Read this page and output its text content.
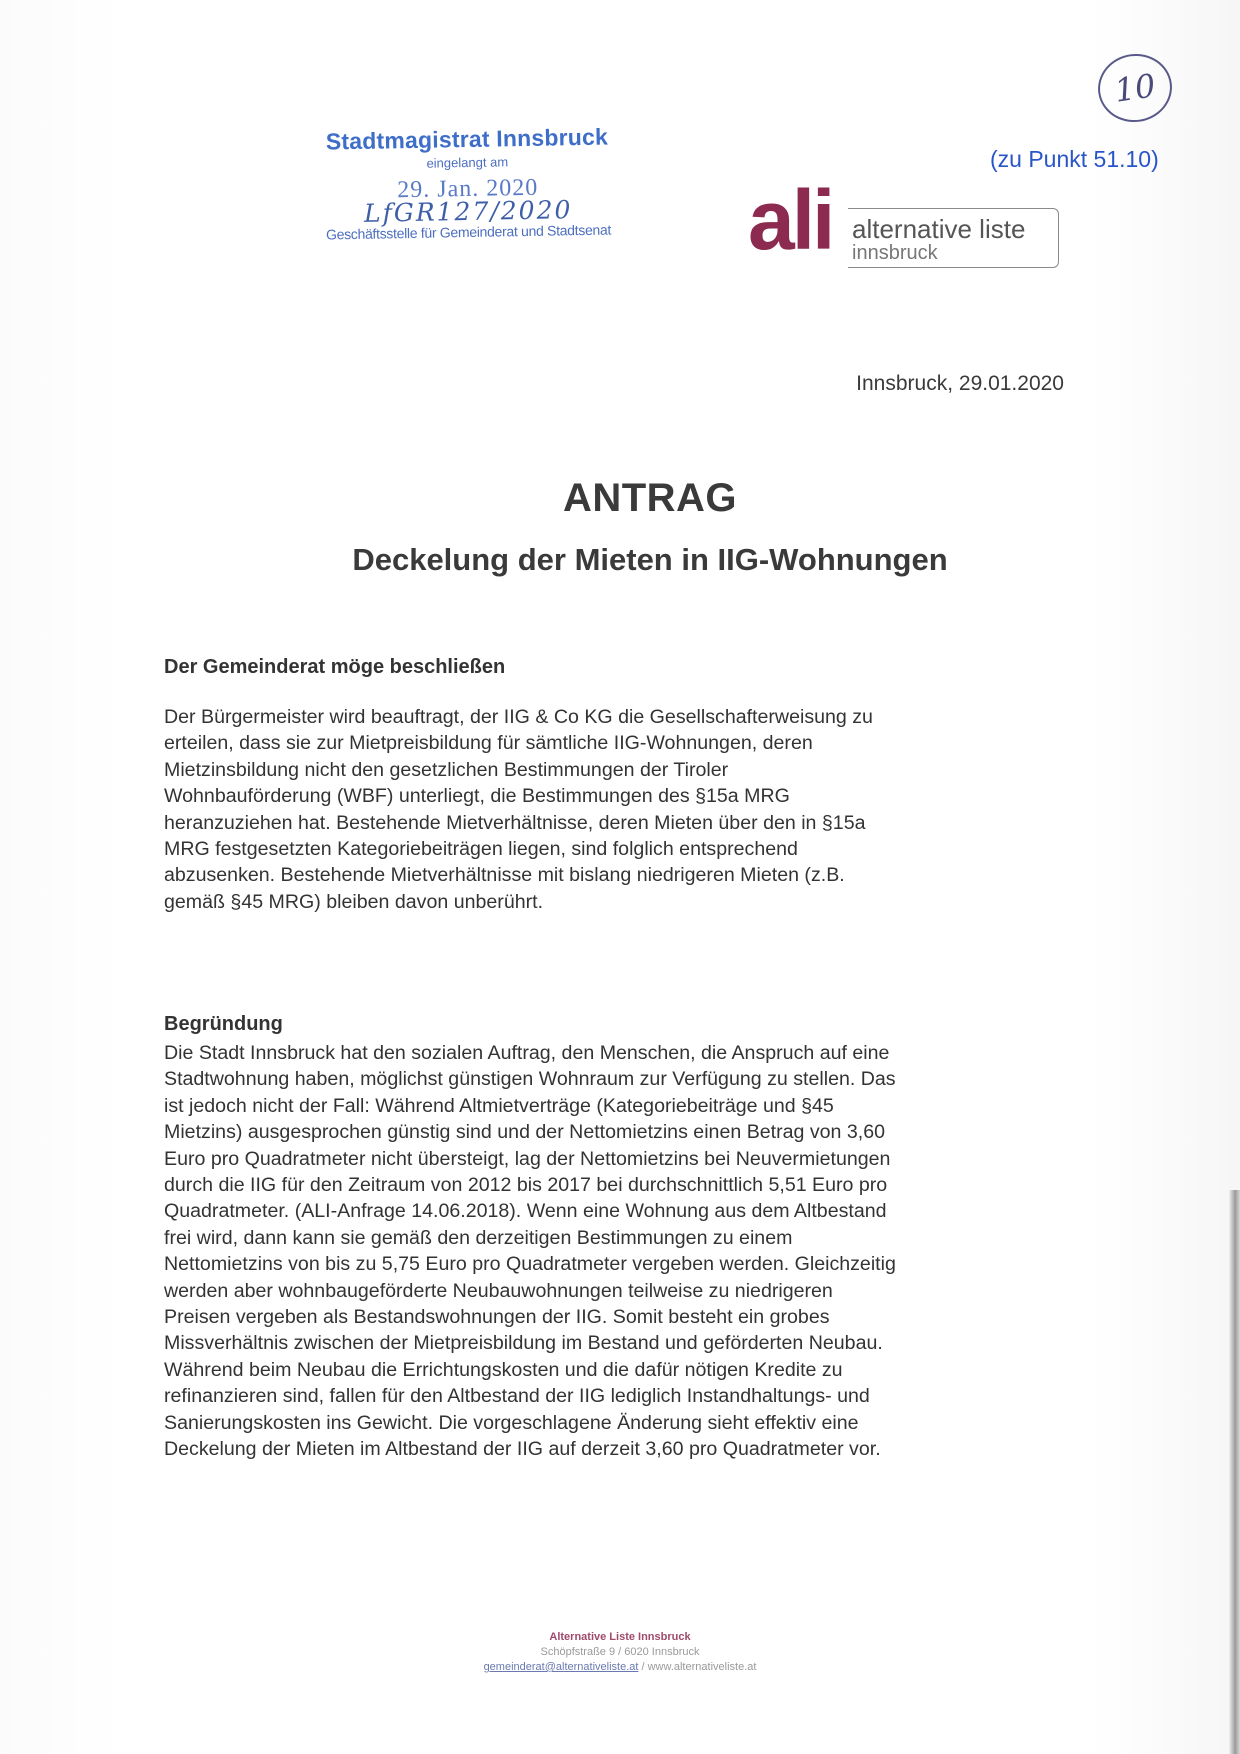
10
(zu Punkt 51.10)
Stadtmagistrat Innsbruck
eingelangt am
29. Jan. 2020
LfGR127/2020
Geschäftsstelle für Gemeinderat und Stadtsenat ali alternative liste
innsbruck
Innsbruck, 29.01.2020
ANTRAG
Deckelung der Mieten in IIG-Wohnungen
Der Gemeinderat möge beschließen

Der Bürgermeister wird beauftragt, der IIG & Co KG die Gesellschafterweisung zu
erteilen, dass sie zur Mietpreisbildung für sämtliche IIG-Wohnungen, deren
Mietzinsbildung nicht den gesetzlichen Bestimmungen der Tiroler
Wohnbauförderung (WBF) unterliegt, die Bestimmungen des §15a MRG
heranzuziehen hat. Bestehende Mietverhältnisse, deren Mieten über den in §15a
MRG festgesetzten Kategoriebeiträgen liegen, sind folglich entsprechend
abzusenken. Bestehende Mietverhältnisse mit bislang niedrigeren Mieten (z.B.
gemäß §45 MRG) bleiben davon unberührt.

Begründung

Die Stadt Innsbruck hat den sozialen Auftrag, den Menschen, die Anspruch auf eine
Stadtwohnung haben, möglichst günstigen Wohnraum zur Verfügung zu stellen. Das
ist jedoch nicht der Fall: Während Altmietverträge (Kategoriebeiträge und §45
Mietzins) ausgesprochen günstig sind und der Nettomietzins einen Betrag von 3,60
Euro pro Quadratmeter nicht übersteigt, lag der Nettomietzins bei Neuvermietungen
durch die IIG für den Zeitraum von 2012 bis 2017 bei durchschnittlich 5,51 Euro pro
Quadratmeter. (ALI-Anfrage 14.06.2018). Wenn eine Wohnung aus dem Altbestand
frei wird, dann kann sie gemäß den derzeitigen Bestimmungen zu einem
Nettomietzins von bis zu 5,75 Euro pro Quadratmeter vergeben werden. Gleichzeitig
werden aber wohnbaugeförderte Neubauwohnungen teilweise zu niedrigeren
Preisen vergeben als Bestandswohnungen der IIG. Somit besteht ein grobes
Missverhältnis zwischen der Mietpreisbildung im Bestand und geförderten Neubau.
Während beim Neubau die Errichtungskosten und die dafür nötigen Kredite zu
refinanzieren sind, fallen für den Altbestand der IIG lediglich Instandhaltungs- und
Sanierungskosten ins Gewicht. Die vorgeschlagene Änderung sieht effektiv eine
Deckelung der Mieten im Altbestand der IIG auf derzeit 3,60 pro Quadratmeter vor.

Alternative Liste Innsbruck
Schöpfstraße 9 / 6020 Innsbruck
gemeinderat@alternativeliste.at / www.alternativeliste.at
